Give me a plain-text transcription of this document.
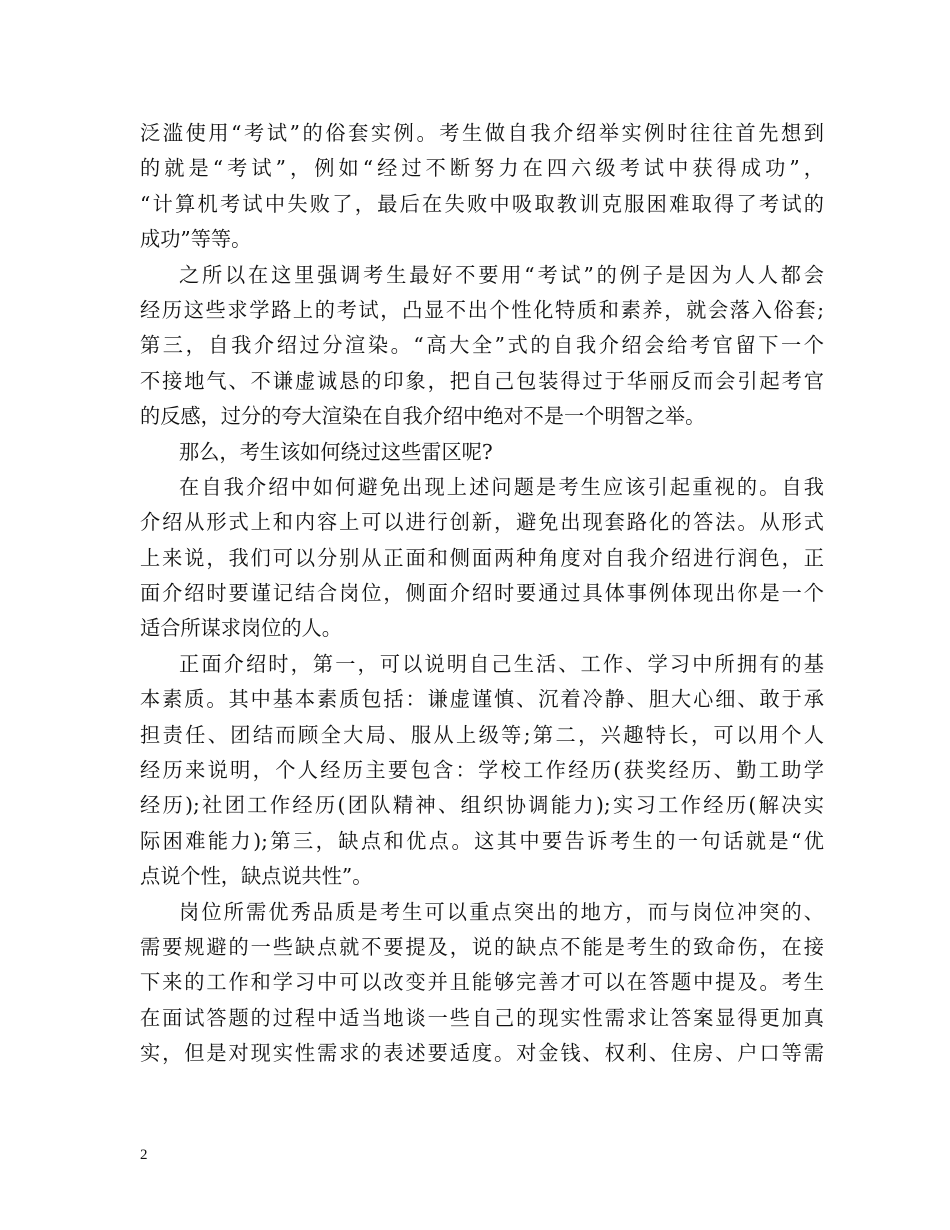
泛滥使用“考试”的俗套实例。考生做自我介绍举实例时往往首先想到
的就是“考试”，例如“经过不断努力在四六级考试中获得成功”，
“计算机考试中失败了，最后在失败中吸取教训克服困难取得了考试的
成功”等等。
之所以在这里强调考生最好不要用“考试”的例子是因为人人都会
经历这些求学路上的考试，凸显不出个性化特质和素养，就会落入俗套;
第三，自我介绍过分渲染。“高大全”式的自我介绍会给考官留下一个
不接地气、不谦虚诚恳的印象，把自己包装得过于华丽反而会引起考官
的反感，过分的夸大渲染在自我介绍中绝对不是一个明智之举。
那么，考生该如何绕过这些雷区呢?
在自我介绍中如何避免出现上述问题是考生应该引起重视的。自我
介绍从形式上和内容上可以进行创新，避免出现套路化的答法。从形式
上来说，我们可以分别从正面和侧面两种角度对自我介绍进行润色，正
面介绍时要谨记结合岗位，侧面介绍时要通过具体事例体现出你是一个
适合所谋求岗位的人。
正面介绍时，第一，可以说明自己生活、工作、学习中所拥有的基
本素质。其中基本素质包括：谦虚谨慎、沉着冷静、胆大心细、敢于承
担责任、团结而顾全大局、服从上级等;第二，兴趣特长，可以用个人
经历来说明，个人经历主要包含：学校工作经历(获奖经历、勤工助学
经历);社团工作经历(团队精神、组织协调能力);实习工作经历(解决实
际困难能力);第三，缺点和优点。这其中要告诉考生的一句话就是“优
点说个性，缺点说共性”。
岗位所需优秀品质是考生可以重点突出的地方，而与岗位冲突的、
需要规避的一些缺点就不要提及，说的缺点不能是考生的致命伤，在接
下来的工作和学习中可以改变并且能够完善才可以在答题中提及。考生
在面试答题的过程中适当地谈一些自己的现实性需求让答案显得更加真
实，但是对现实性需求的表述要适度。对金钱、权利、住房、户口等需
2
